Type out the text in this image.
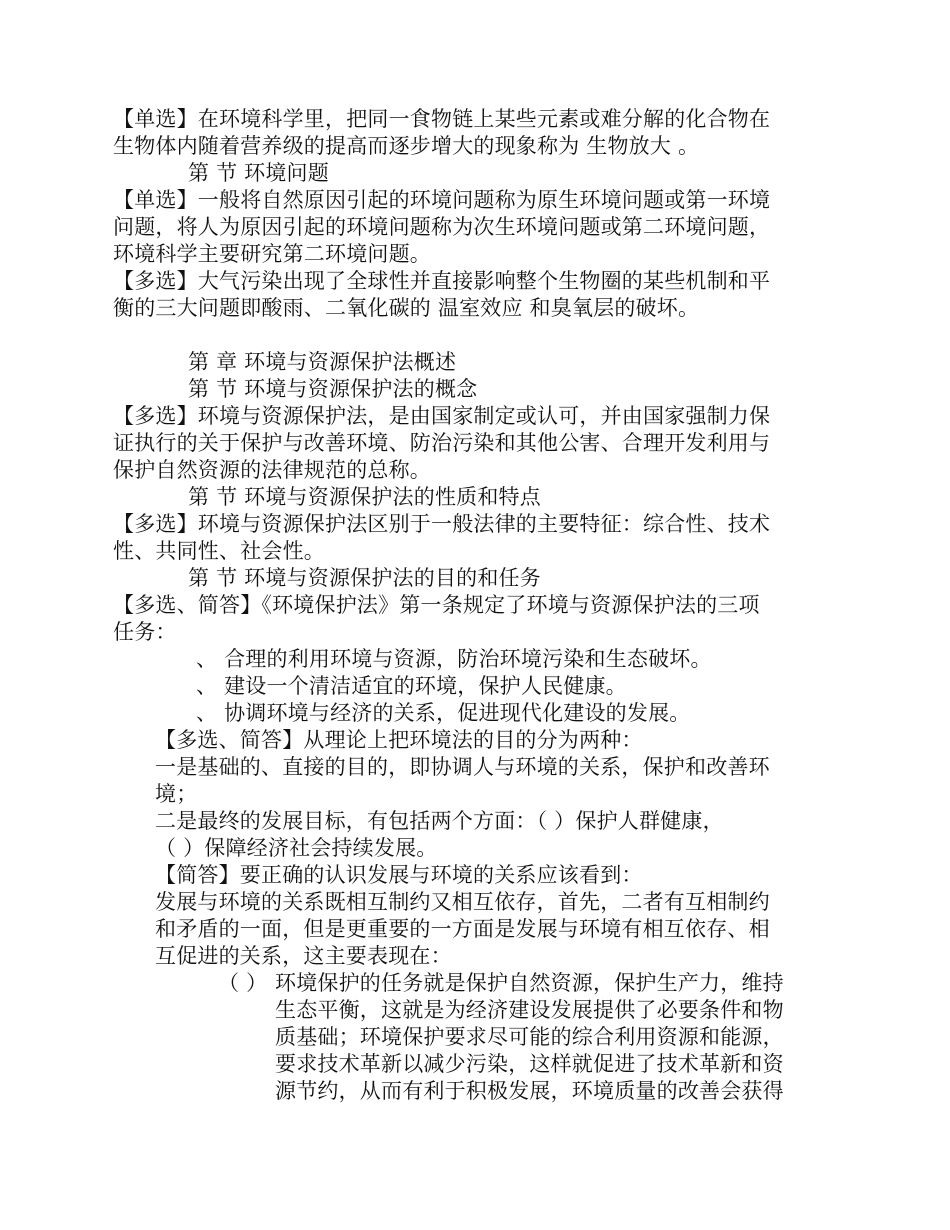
【单选】在环境科学里，把同一食物链上某些元素或难分解的化合物在
生物体内随着营养级的提高而逐步增大的现象称为 生物放大 。
第 节 环境问题
【单选】一般将自然原因引起的环境问题称为原生环境问题或第一环境
问题，将人为原因引起的环境问题称为次生环境问题或第二环境问题，
环境科学主要研究第二环境问题。
【多选】大气污染出现了全球性并直接影响整个生物圈的某些机制和平
衡的三大问题即酸雨、二氧化碳的 温室效应 和臭氧层的破坏。
第 章 环境与资源保护法概述
第 节 环境与资源保护法的概念
【多选】环境与资源保护法，是由国家制定或认可，并由国家强制力保
证执行的关于保护与改善环境、防治污染和其他公害、合理开发利用与
保护自然资源的法律规范的总称。
第 节 环境与资源保护法的性质和特点
【多选】环境与资源保护法区别于一般法律的主要特征：综合性、技术
性、共同性、社会性。
第 节 环境与资源保护法的目的和任务
【多选、简答】《环境保护法》第一条规定了环境与资源保护法的三项
任务：
、 合理的利用环境与资源，防治环境污染和生态破坏。
、 建设一个清洁适宜的环境，保护人民健康。
、 协调环境与经济的关系，促进现代化建设的发展。
【多选、简答】从理论上把环境法的目的分为两种：
一是基础的、直接的目的，即协调人与环境的关系，保护和改善环
境；
二是最终的发展目标，有包括两个方面：（ ）保护人群健康，
（ ）保障经济社会持续发展。
【简答】要正确的认识发展与环境的关系应该看到：
发展与环境的关系既相互制约又相互依存，首先，二者有互相制约
和矛盾的一面，但是更重要的一方面是发展与环境有相互依存、相
互促进的关系，这主要表现在：
（ ） 环境保护的任务就是保护自然资源，保护生产力，维持
生态平衡，这就是为经济建设发展提供了必要条件和物
质基础；环境保护要求尽可能的综合利用资源和能源，
要求技术革新以减少污染，这样就促进了技术革新和资
源节约，从而有利于积极发展，环境质量的改善会获得
